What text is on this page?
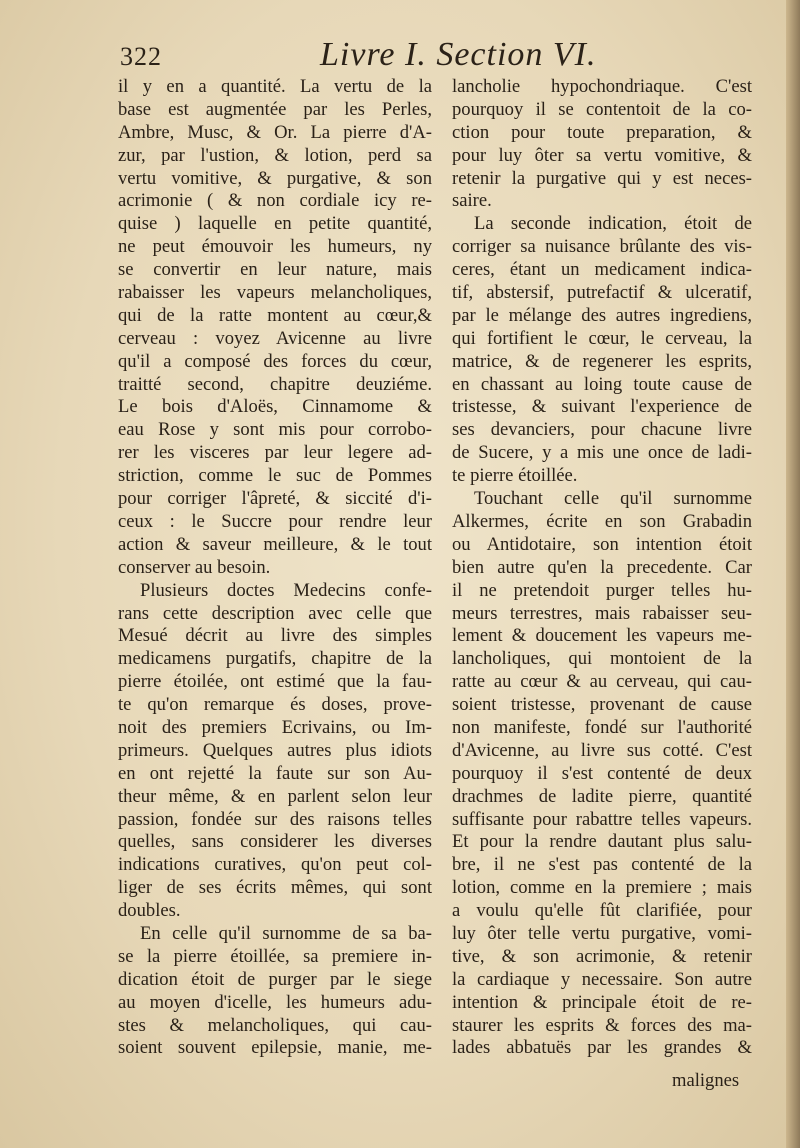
322	Livre I. Section VI.
il y en a quantité. La vertu de la
base est augmentée par les Perles,
Ambre, Musc, & Or. La pierre d'A-
zur, par l'ustion, & lotion, perd sa
vertu vomitive, & purgative, & son
acrimonie ( & non cordiale icy re-
quise ) laquelle en petite quantité,
ne peut émouvoir les humeurs, ny
se convertir en leur nature, mais
rabaisser les vapeurs melancholiques,
qui de la ratte montent au cœur,&
cerveau : voyez Avicenne au livre
qu'il a composé des forces du cœur,
traitté second, chapitre deuziéme.
Le bois d'Aloës, Cinnamome &
eau Rose y sont mis pour corrobo-
rer les visceres par leur legere ad-
striction, comme le suc de Pommes
pour corriger l'âpreté, & siccité d'i-
ceux : le Succre pour rendre leur
action & saveur meilleure, & le tout
conserver au besoin.
Plusieurs doctes Medecins confe-
rans cette description avec celle que
Mesué décrit au livre des simples
medicamens purgatifs, chapitre de la
pierre étoilée, ont estimé que la fau-
te qu'on remarque és doses, prove-
noit des premiers Ecrivains, ou Im-
primeurs. Quelques autres plus idiots
en ont rejetté la faute sur son Au-
theur même, & en parlent selon leur
passion, fondée sur des raisons telles
quelles, sans considerer les diverses
indications curatives, qu'on peut col-
liger de ses écrits mêmes, qui sont
doubles.
En celle qu'il surnomme de sa ba-
se la pierre étoillée, sa premiere in-
dication étoit de purger par le siege
au moyen d'icelle, les humeurs adu-
stes & melancholiques, qui cau-
soient souvent epilepsie, manie, me-
lancholie hypochondriaque. C'est
pourquoy il se contentoit de la co-
ction pour toute preparation, &
pour luy ôter sa vertu vomitive, &
retenir la purgative qui y est neces-
saire.
La seconde indication, étoit de
corriger sa nuisance brûlante des vis-
ceres, étant un medicament indica-
tif, abstersif, putrefactif & ulceratif,
par le mélange des autres ingrediens,
qui fortifient le cœur, le cerveau, la
matrice, & de regenerer les esprits,
en chassant au loing toute cause de
tristesse, & suivant l'experience de
ses devanciers, pour chacune livre
de Sucere, y a mis une once de ladi-
te pierre étoillée.
Touchant celle qu'il surnomme
Alkermes, écrite en son Grabadin
ou Antidotaire, son intention étoit
bien autre qu'en la precedente. Car
il ne pretendoit purger telles hu-
meurs terrestres, mais rabaisser seu-
lement & doucement les vapeurs me-
lancholiques, qui montoient de la
ratte au cœur & au cerveau, qui cau-
soient tristesse, provenant de cause
non manifeste, fondé sur l'authorité
d'Avicenne, au livre sus cotté. C'est
pourquoy il s'est contenté de deux
drachmes de ladite pierre, quantité
suffisante pour rabattre telles vapeurs.
Et pour la rendre dautant plus salu-
bre, il ne s'est pas contenté de la
lotion, comme en la premiere ; mais
a voulu qu'elle fût clarifiée, pour
luy ôter telle vertu purgative, vomi-
tive, & son acrimonie, & retenir
la cardiaque y necessaire. Son autre
intention & principale étoit de re-
staurer les esprits & forces des ma-
lades abbatuës par les grandes &
malignes
